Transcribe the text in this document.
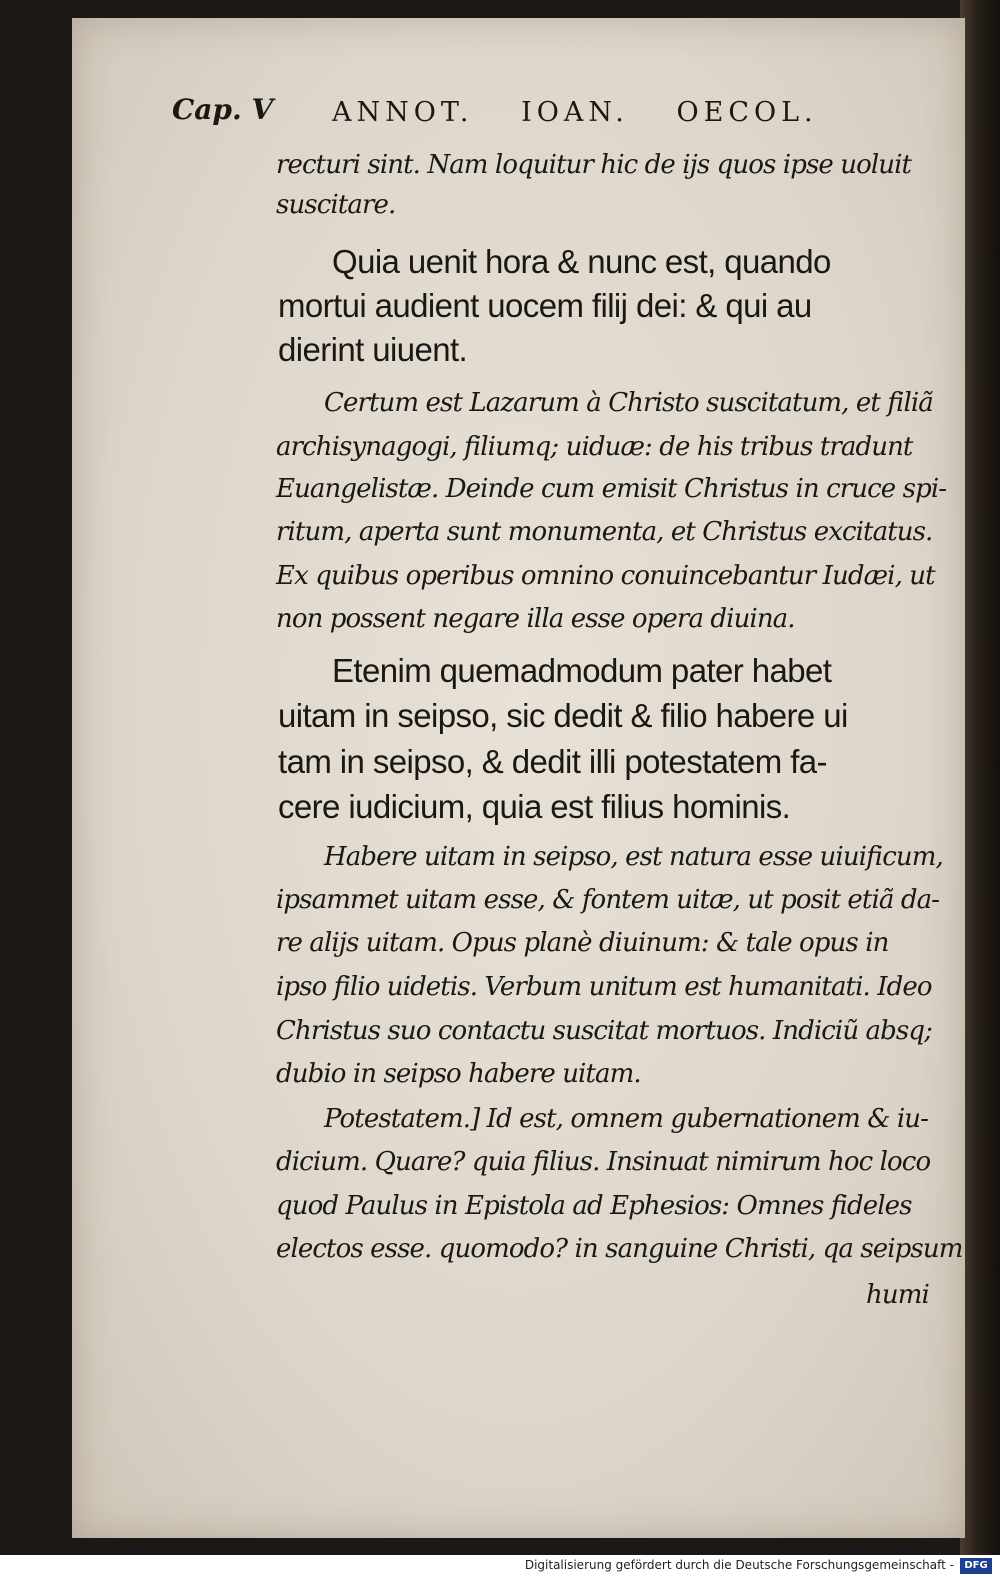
Cap. V ANNOT. IOAN. OECOL.
recturi sint. Nam loquitur hic de ijs quos ipse uoluit
suscitare.
Quia uenit hora & nunc est, quando
mortui audient uocem filij dei: & qui au
dierint uiuent.
Certum est Lazarum à Christo suscitatum, et filiã
archisynagogi, filiumq; uiduæ: de his tribus tradunt
Euangelistæ. Deinde cum emisit Christus in cruce spi-
ritum, aperta sunt monumenta, et Christus excitatus.
Ex quibus operibus omnino conuincebantur Iudæi, ut
non possent negare illa esse opera diuina.
Etenim quemadmodum pater habet
uitam in seipso, sic dedit & filio habere ui
tam in seipso, & dedit illi potestatem fa-
cere iudicium, quia est filius hominis.
Habere uitam in seipso, est natura esse uiuificum,
ipsammet uitam esse, & fontem uitæ, ut posit etiã da-
re alijs uitam. Opus planè diuinum: & tale opus in
ipso filio uidetis. Verbum unitum est humanitati. Ideo
Christus suo contactu suscitat mortuos. Indiciũ absq;
dubio in seipso habere uitam.
Potestatem.] Id est, omnem gubernationem & iu-
dicium. Quare? quia filius. Insinuat nimirum hoc loco
quod Paulus in Epistola ad Ephesios: Omnes fideles
electos esse. quomodo? in sanguine Christi, qa seipsum
humi
Digitalisierung gefördert durch die Deutsche Forschungsgemeinschaft -	DFG
